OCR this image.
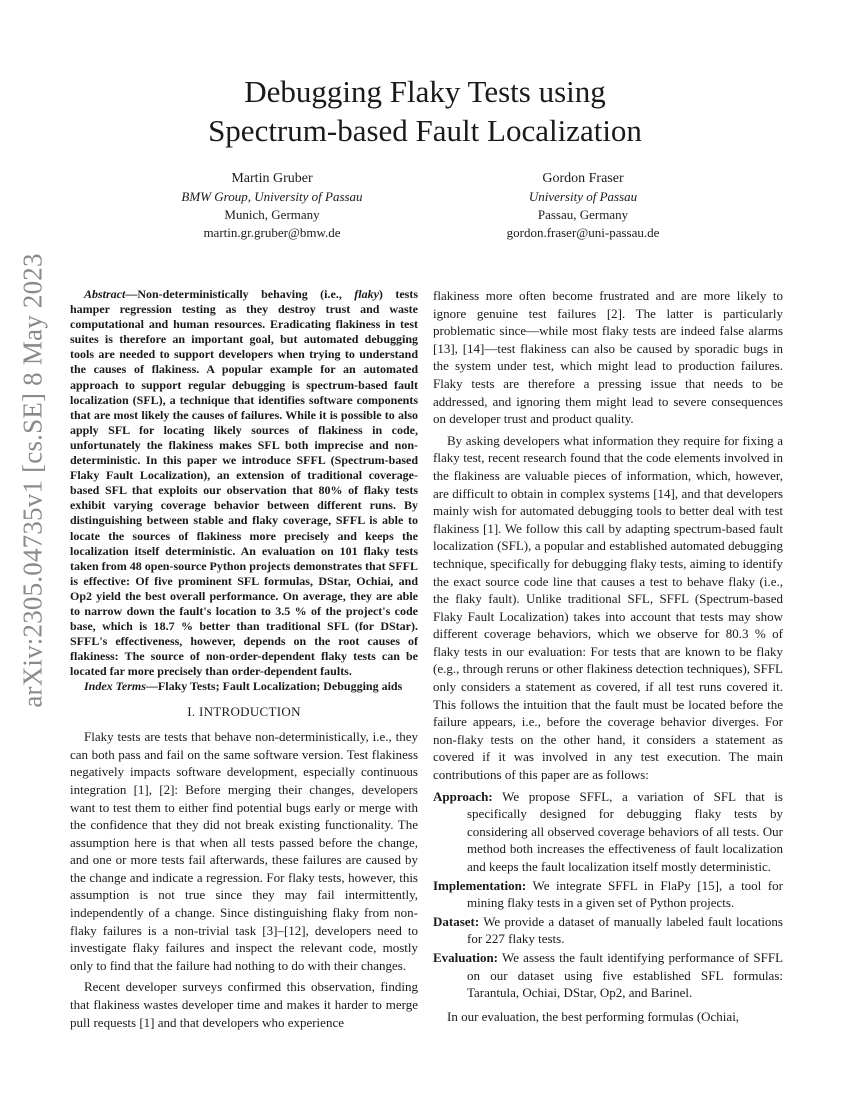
arXiv:2305.04735v1 [cs.SE] 8 May 2023
Debugging Flaky Tests using
Spectrum-based Fault Localization
Martin Gruber
BMW Group, University of Passau
Munich, Germany
martin.gr.gruber@bmw.de
Gordon Fraser
University of Passau
Passau, Germany
gordon.fraser@uni-passau.de

Abstract—Non-deterministically behaving (i.e., flaky) tests hamper regression testing as they destroy trust and waste computational and human resources. Eradicating flakiness in test suites is therefore an important goal, but automated debugging tools are needed to support developers when trying to understand the causes of flakiness. A popular example for an automated approach to support regular debugging is spectrum-based fault localization (SFL), a technique that identifies software components that are most likely the causes of failures. While it is possible to also apply SFL for locating likely sources of flakiness in code, unfortunately the flakiness makes SFL both imprecise and non-deterministic. In this paper we introduce SFFL (Spectrum-based Flaky Fault Localization), an extension of traditional coverage-based SFL that exploits our observation that 80% of flaky tests exhibit varying coverage behavior between different runs. By distinguishing between stable and flaky coverage, SFFL is able to locate the sources of flakiness more precisely and keeps the localization itself deterministic. An evaluation on 101 flaky tests taken from 48 open-source Python projects demonstrates that SFFL is effective: Of five prominent SFL formulas, DStar, Ochiai, and Op2 yield the best overall performance. On average, they are able to narrow down the fault's location to 3.5 % of the project's code base, which is 18.7 % better than traditional SFL (for DStar). SFFL's effectiveness, however, depends on the root causes of flakiness: The source of non-order-dependent flaky tests can be located far more precisely than order-dependent faults.

Index Terms—Flaky Tests; Fault Localization; Debugging aids

I. INTRODUCTION

Flaky tests are tests that behave non-deterministically, i.e., they can both pass and fail on the same software version. Test flakiness negatively impacts software development, especially continuous integration [1], [2]: Before merging their changes, developers want to test them to either find potential bugs early or merge with the confidence that they did not break existing functionality. The assumption here is that when all tests passed before the change, and one or more tests fail afterwards, these failures are caused by the change and indicate a regression. For flaky tests, however, this assumption is not true since they may fail intermittently, independently of a change. Since distinguishing flaky from non-flaky failures is a non-trivial task [3]–[12], developers need to investigate flaky failures and inspect the relevant code, mostly only to find that the failure had nothing to do with their changes.

Recent developer surveys confirmed this observation, finding that flakiness wastes developer time and makes it harder to merge pull requests [1] and that developers who experience

flakiness more often become frustrated and are more likely to ignore genuine test failures [2]. The latter is particularly problematic since—while most flaky tests are indeed false alarms [13], [14]—test flakiness can also be caused by sporadic bugs in the system under test, which might lead to production failures. Flaky tests are therefore a pressing issue that needs to be addressed, and ignoring them might lead to severe consequences on developer trust and product quality.

By asking developers what information they require for fixing a flaky test, recent research found that the code elements involved in the flakiness are valuable pieces of information, which, however, are difficult to obtain in complex systems [14], and that developers mainly wish for automated debugging tools to better deal with test flakiness [1]. We follow this call by adapting spectrum-based fault localization (SFL), a popular and established automated debugging technique, specifically for debugging flaky tests, aiming to identify the exact source code line that causes a test to behave flaky (i.e., the flaky fault). Unlike traditional SFL, SFFL (Spectrum-based Flaky Fault Localization) takes into account that tests may show different coverage behaviors, which we observe for 80.3 % of flaky tests in our evaluation: For tests that are known to be flaky (e.g., through reruns or other flakiness detection techniques), SFFL only considers a statement as covered, if all test runs covered it. This follows the intuition that the fault must be located before the failure appears, i.e., before the coverage behavior diverges. For non-flaky tests on the other hand, it considers a statement as covered if it was involved in any test execution. The main contributions of this paper are as follows:

Approach: We propose SFFL, a variation of SFL that is specifically designed for debugging flaky tests by considering all observed coverage behaviors of all tests. Our method both increases the effectiveness of fault localization and keeps the fault localization itself mostly deterministic.

Implementation: We integrate SFFL in FlaPy [15], a tool for mining flaky tests in a given set of Python projects.

Dataset: We provide a dataset of manually labeled fault locations for 227 flaky tests.

Evaluation: We assess the fault identifying performance of SFFL on our dataset using five established SFL formulas: Tarantula, Ochiai, DStar, Op2, and Barinel.

In our evaluation, the best performing formulas (Ochiai,
